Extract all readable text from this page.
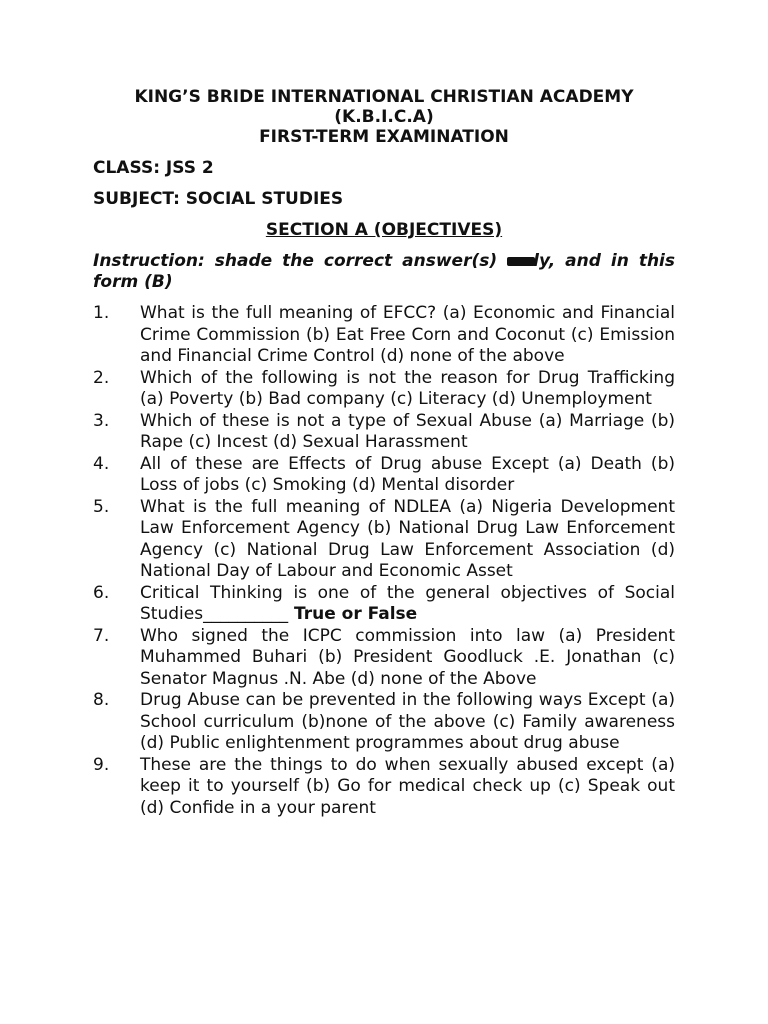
KING’S BRIDE INTERNATIONAL CHRISTIAN ACADEMY
(K.B.I.C.A)
FIRST-TERM EXAMINATION
CLASS: JSS 2
SUBJECT: SOCIAL STUDIES
SECTION A (OBJECTIVES)
Instruction: shade the correct answer(s) ly, and in this form (B)
1.	What is the full meaning of EFCC? (a) Economic and Financial Crime Commission (b) Eat Free Corn and Coconut (c) Emission and Financial Crime Control (d) none of the above
2.	Which of the following is not the reason for Drug Trafficking (a) Poverty (b) Bad company (c) Literacy (d) Unemployment
3.	Which of these is not a type of Sexual Abuse (a) Marriage (b) Rape (c) Incest (d) Sexual Harassment
4.	All of these are Effects of Drug abuse Except (a) Death (b) Loss of jobs (c) Smoking (d) Mental disorder
5.	What is the full meaning of NDLEA (a) Nigeria Development Law Enforcement Agency (b) National Drug Law Enforcement Agency (c) National Drug Law Enforcement Association (d) National Day of Labour and Economic Asset
6.	Critical Thinking is one of the general objectives of Social Studies__________ True or False
7.	Who signed the ICPC commission into law (a) President Muhammed Buhari (b) President Goodluck .E. Jonathan (c) Senator Magnus .N. Abe (d) none of the Above
8.	Drug Abuse can be prevented in the following ways Except (a) School curriculum (b)none of the above (c) Family awareness (d) Public enlightenment programmes about drug abuse
9.	These are the things to do when sexually abused except (a) keep it to yourself (b) Go for medical check up (c) Speak out (d) Confide in a your parent
